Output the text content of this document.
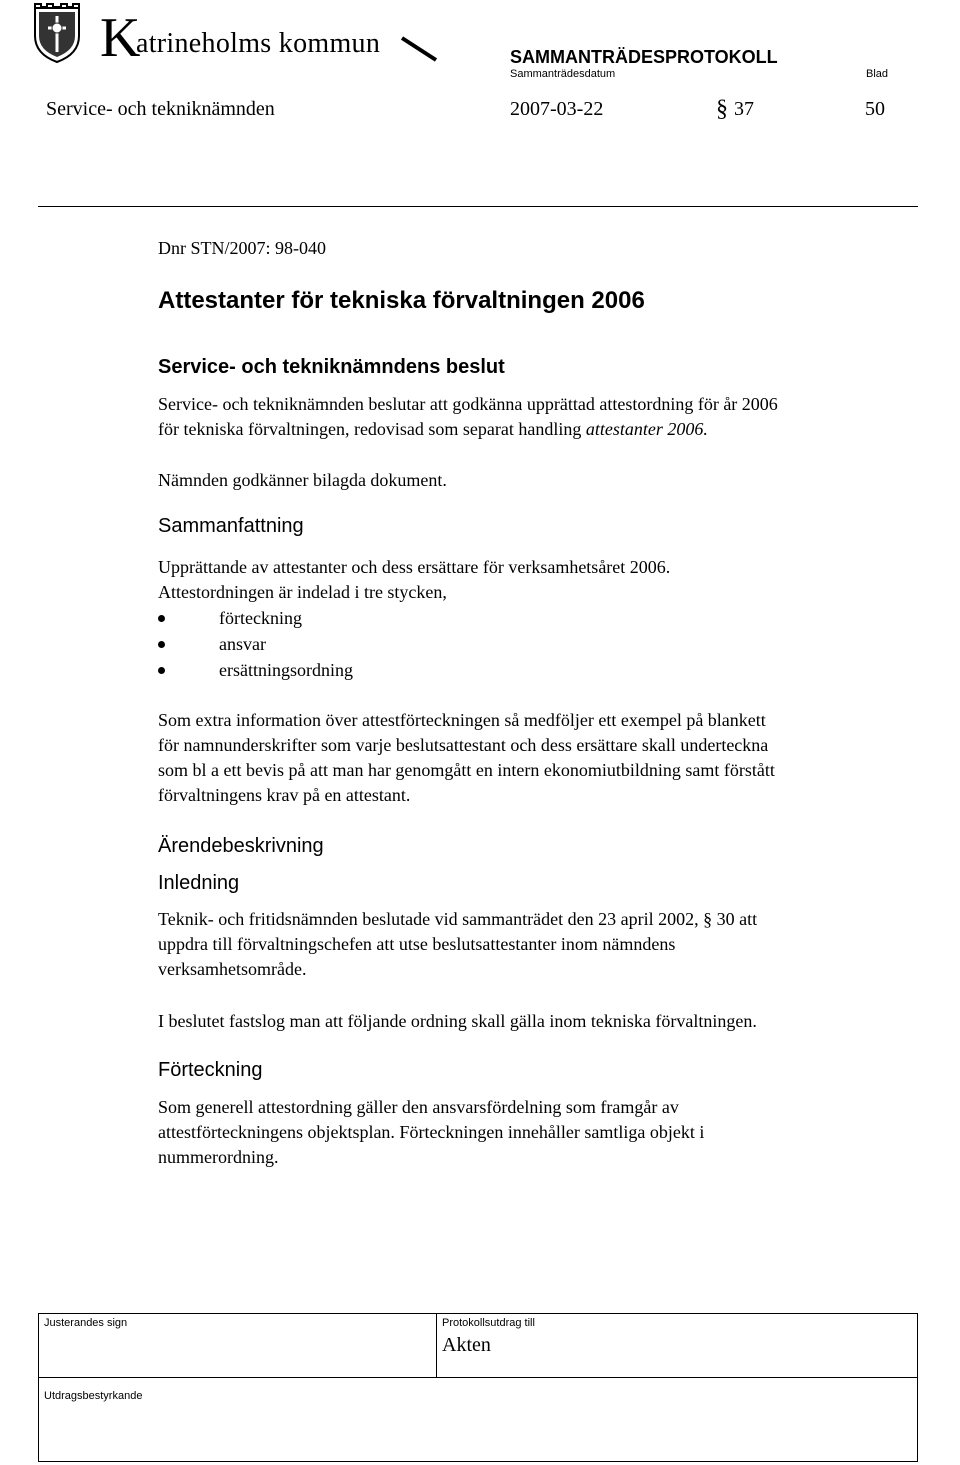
K
atrineholms kommun	SAMMANTRÄDESPROTOKOLL
Sammanträdesdatum	Blad
Service- och tekniknämnden	2007-03-22	§ 37	50
Dnr STN/2007: 98-040
Attestanter för tekniska förvaltningen 2006
Service- och tekniknämndens beslut
Service- och tekniknämnden beslutar att godkänna upprättad attestordning för år 2006
för tekniska förvaltningen, redovisad som separat handling attestanter 2006.
Nämnden godkänner bilagda dokument.
Sammanfattning
Upprättande av attestanter och dess ersättare för verksamhetsåret 2006.
Attestordningen är indelad i tre stycken,
förteckning
ansvar
ersättningsordning
Som extra information över attestförteckningen så medföljer ett exempel på blankett
för namnunderskrifter som varje beslutsattestant och dess ersättare skall underteckna
som bl a ett bevis på att man har genomgått en intern ekonomiutbildning samt förstått
förvaltningens krav på en attestant.
Ärendebeskrivning
Inledning
Teknik- och fritidsnämnden beslutade vid sammanträdet den 23 april 2002, § 30 att
uppdra till förvaltningschefen att utse beslutsattestanter inom nämndens
verksamhetsområde.
I beslutet fastslog man att följande ordning skall gälla inom tekniska förvaltningen.
Förteckning
Som generell attestordning gäller den ansvarsfördelning som framgår av
attestförteckningens objektsplan. Förteckningen innehåller samtliga objekt i
nummerordning.
Justerandes sign	Protokollsutdrag till
Akten
Utdragsbestyrkande
